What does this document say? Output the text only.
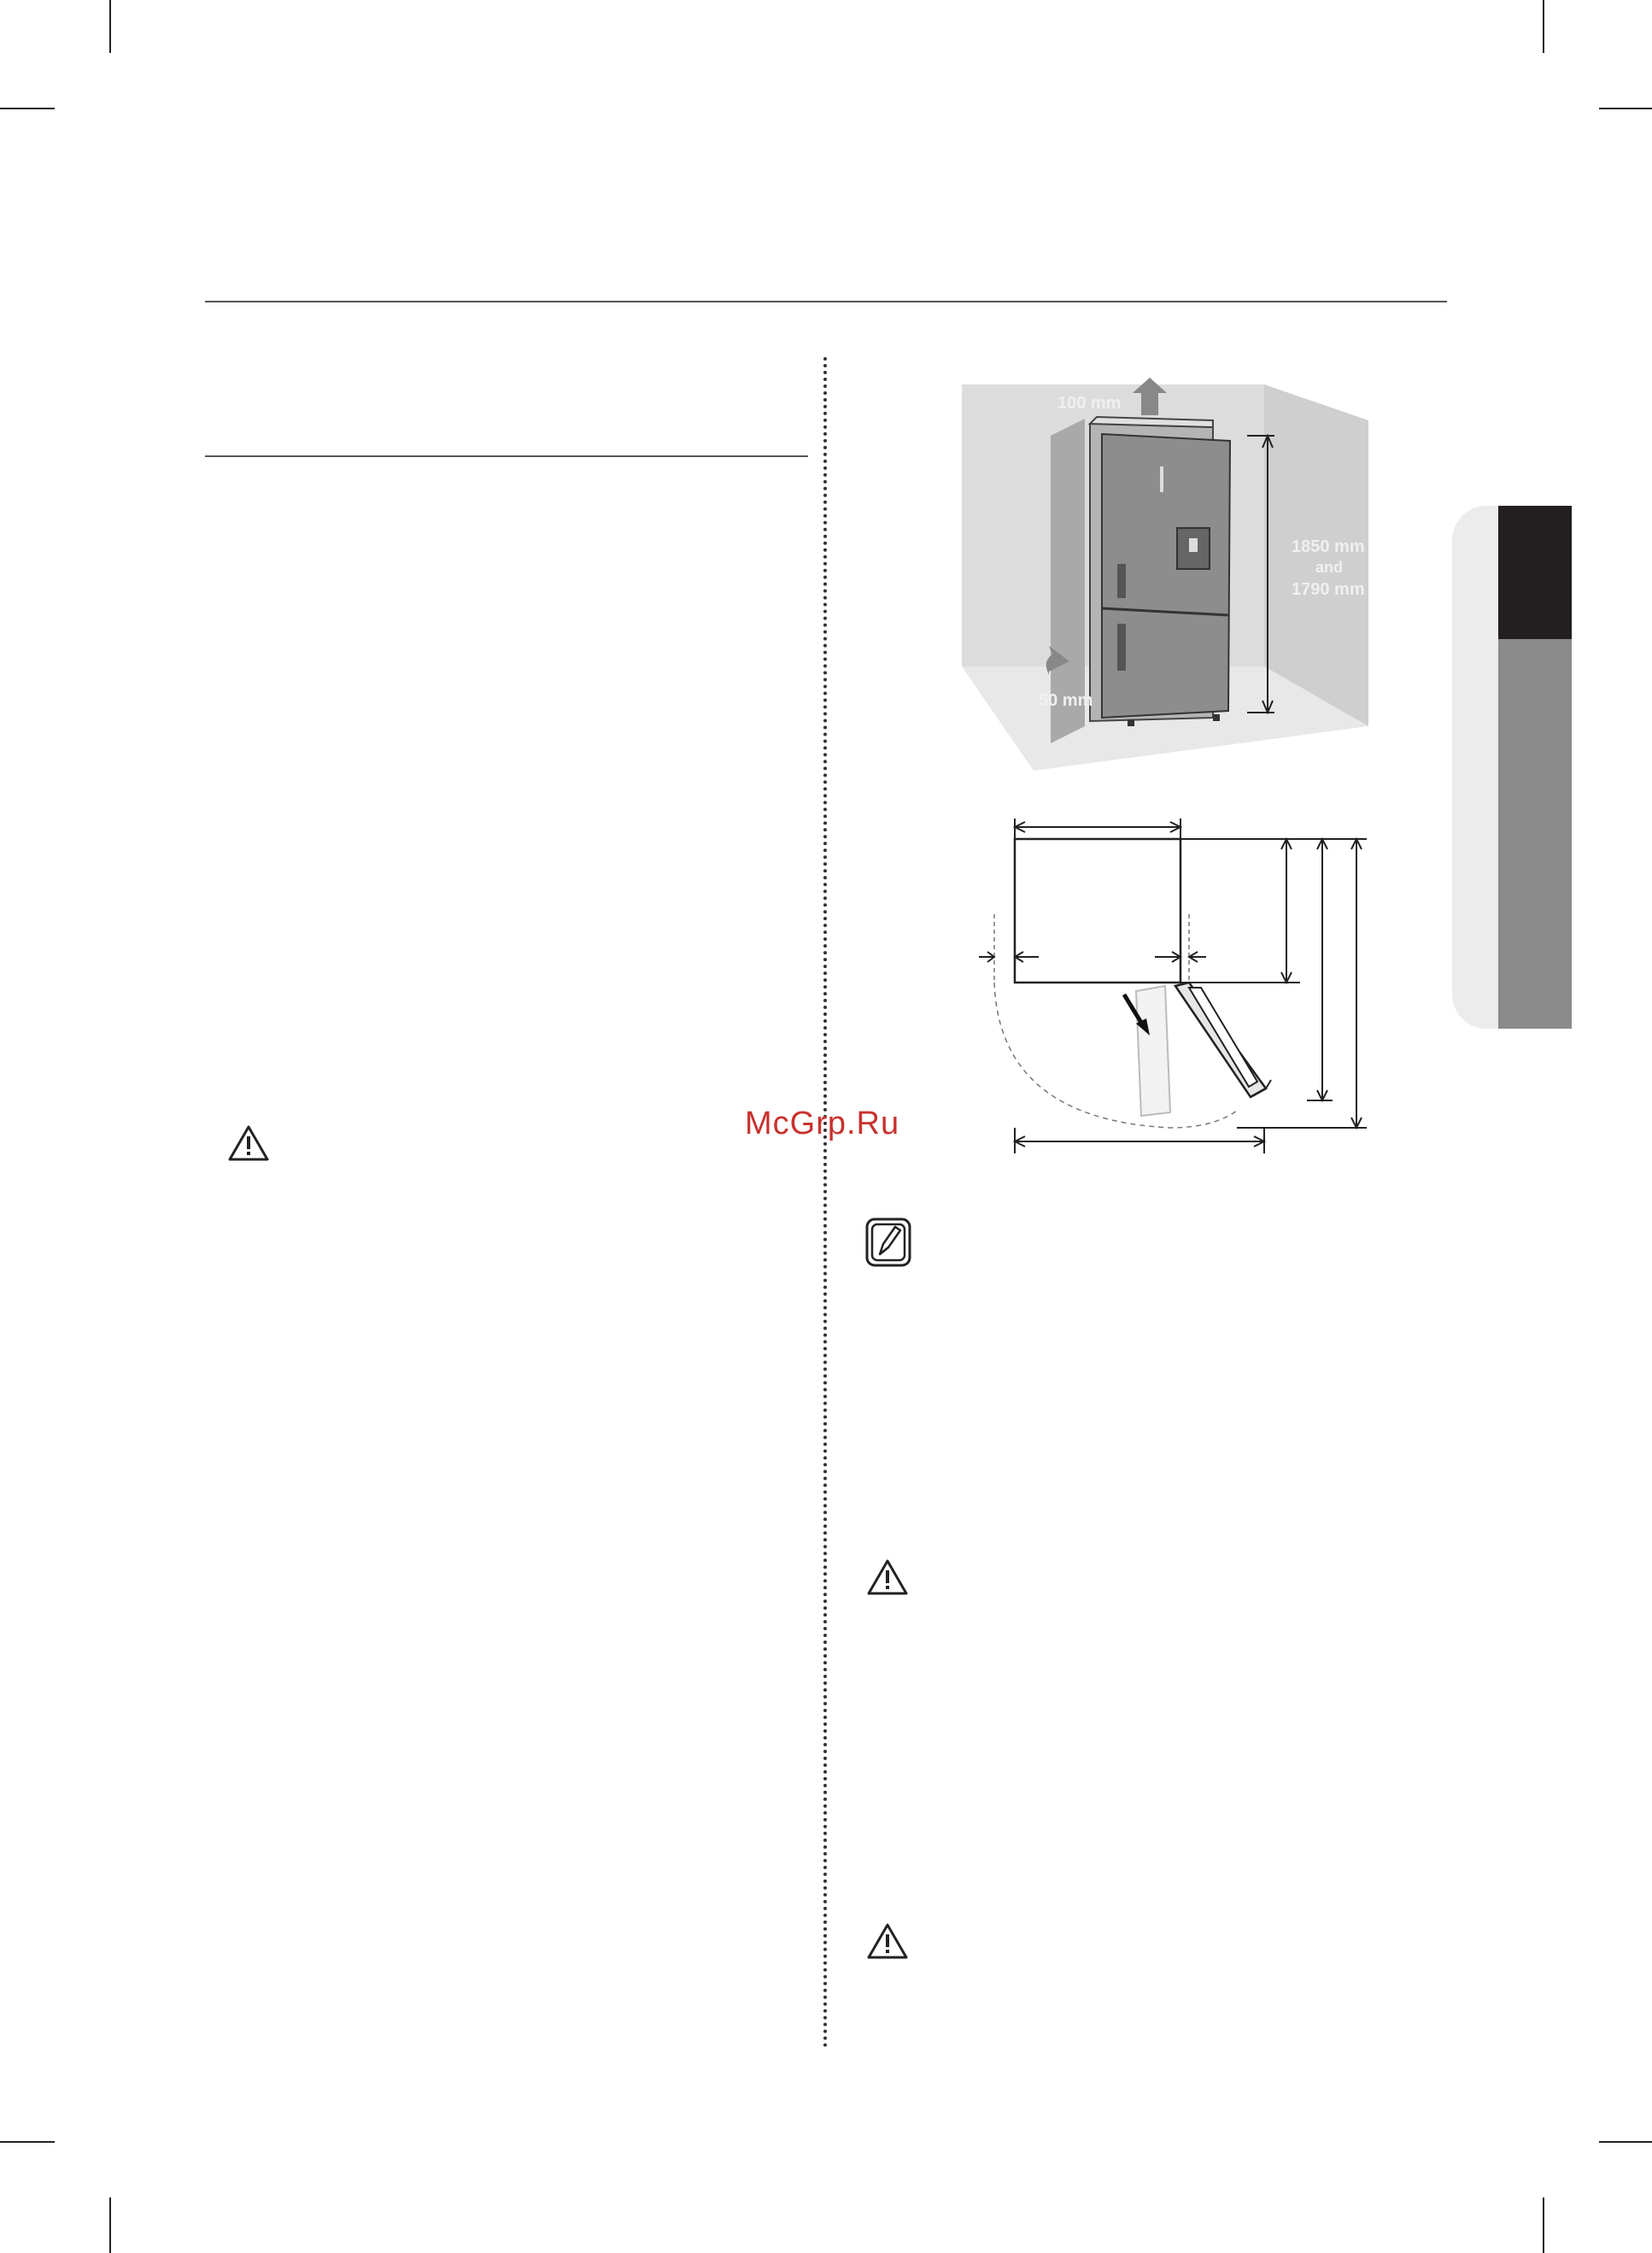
100 mm
1850 mm
and
1790 mm
50 mm
McGrp.Ru
